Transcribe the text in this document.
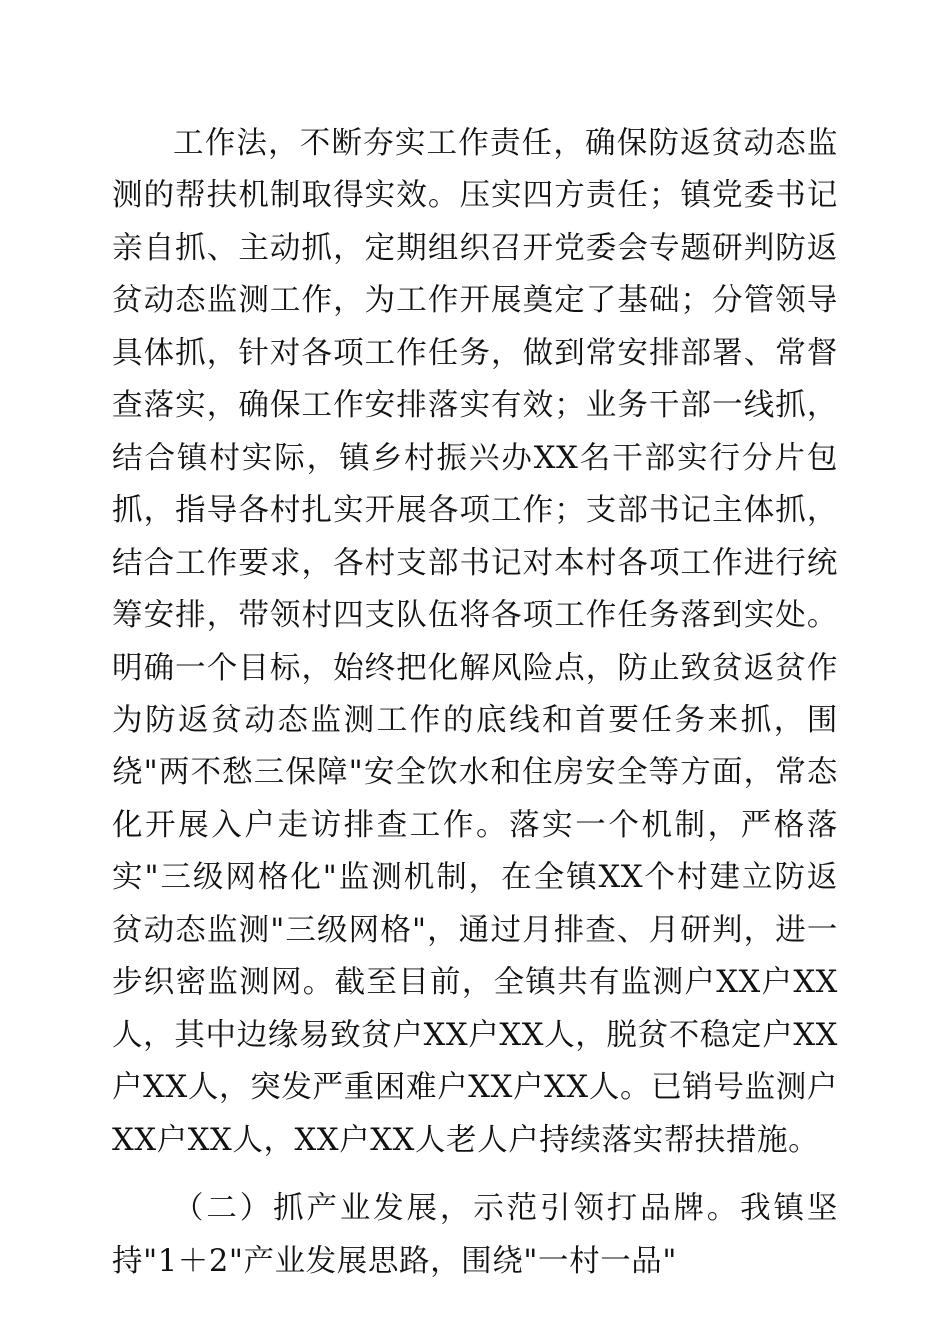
工作法，不断夯实工作责任，确保防返贫动态监测的帮扶机制取得实效。压实四方责任；镇党委书记亲自抓、主动抓，定期组织召开党委会专题研判防返贫动态监测工作，为工作开展奠定了基础；分管领导具体抓，针对各项工作任务，做到常安排部署、常督查落实，确保工作安排落实有效；业务干部一线抓，结合镇村实际，镇乡村振兴办XX名干部实行分片包抓，指导各村扎实开展各项工作；支部书记主体抓，结合工作要求，各村支部书记对本村各项工作进行统筹安排，带领村四支队伍将各项工作任务落到实处。明确一个目标，始终把化解风险点，防止致贫返贫作为防返贫动态监测工作的底线和首要任务来抓，围绕"两不愁三保障"安全饮水和住房安全等方面，常态化开展入户走访排查工作。落实一个机制，严格落实"三级网格化"监测机制，在全镇XX个村建立防返贫动态监测"三级网格"，通过月排查、月研判，进一步织密监测网。截至目前，全镇共有监测户XX户XX人，其中边缘易致贫户XX户XX人，脱贫不稳定户XX户XX人，突发严重困难户XX户XX人。已销号监测户XX户XX人，XX户XX人老人户持续落实帮扶措施。

（二）抓产业发展，示范引领打品牌。我镇坚持"1＋2"产业发展思路，围绕"一村一品"
